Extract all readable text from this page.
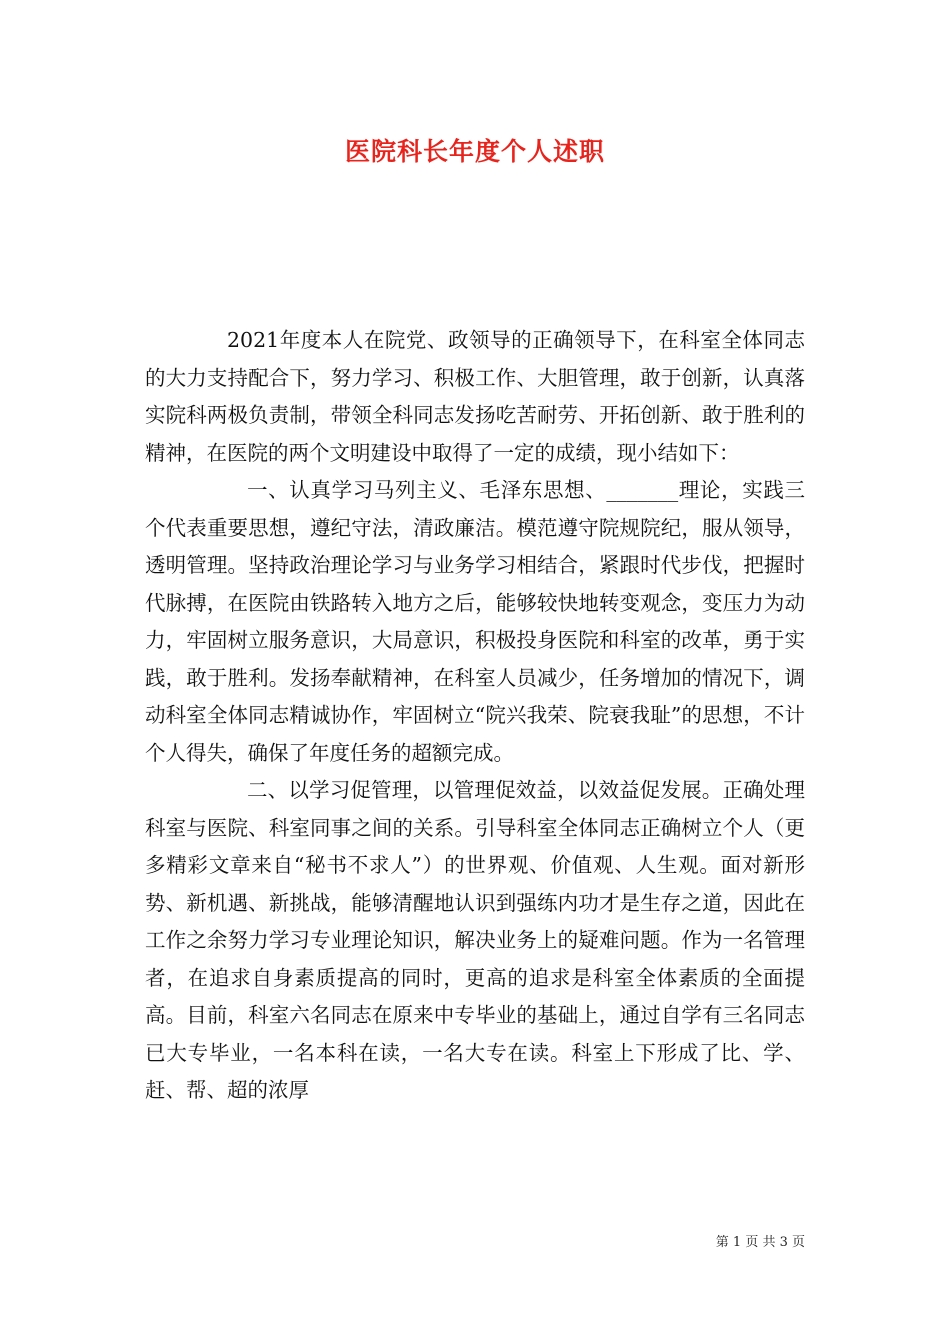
医院科长年度个人述职

2021年度本人在院党、政领导的正确领导下，在科室全体同志的大力支持配合下，努力学习、积极工作、大胆管理，敢于创新，认真落实院科两极负责制，带领全科同志发扬吃苦耐劳、开拓创新、敢于胜利的精神，在医院的两个文明建设中取得了一定的成绩，现小结如下：

一、认真学习马列主义、毛泽东思想、_______理论，实践三个代表重要思想，遵纪守法，清政廉洁。模范遵守院规院纪，服从领导，透明管理。坚持政治理论学习与业务学习相结合，紧跟时代步伐，把握时代脉搏，在医院由铁路转入地方之后，能够较快地转变观念，变压力为动力，牢固树立服务意识，大局意识，积极投身医院和科室的改革，勇于实践，敢于胜利。发扬奉献精神，在科室人员减少，任务增加的情况下，调动科室全体同志精诚协作，牢固树立“院兴我荣、院衰我耻”的思想，不计个人得失，确保了年度任务的超额完成。

二、以学习促管理，以管理促效益，以效益促发展。正确处理科室与医院、科室同事之间的关系。引导科室全体同志正确树立个人（更多精彩文章来自“秘书不求人”）的世界观、价值观、人生观。面对新形势、新机遇、新挑战，能够清醒地认识到强练内功才是生存之道，因此在工作之余努力学习专业理论知识，解决业务上的疑难问题。作为一名管理者，在追求自身素质提高的同时，更高的追求是科室全体素质的全面提高。目前，科室六名同志在原来中专毕业的基础上，通过自学有三名同志已大专毕业，一名本科在读，一名大专在读。科室上下形成了比、学、赶、帮、超的浓厚

第 1 页 共 3 页
